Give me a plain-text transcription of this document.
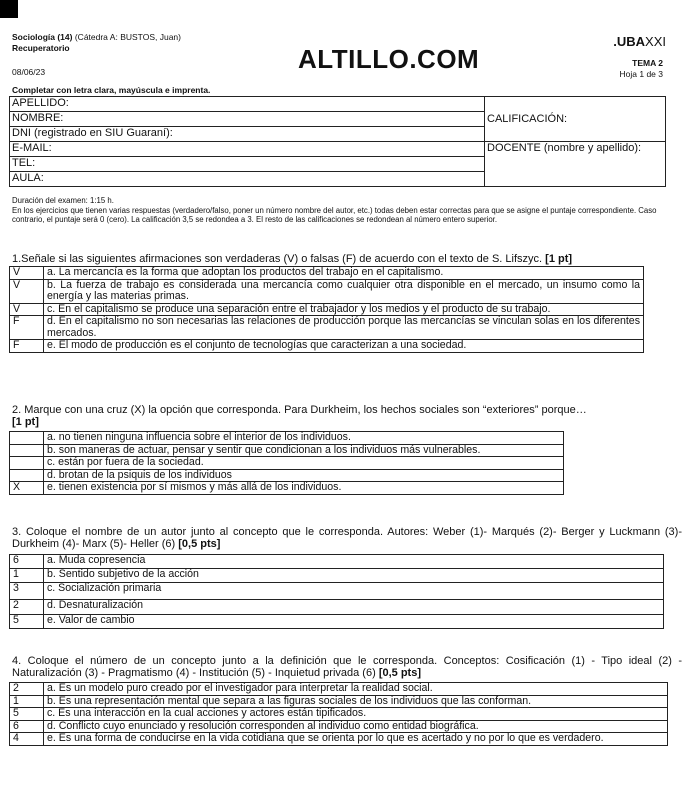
Sociología (14) (Cátedra A: BUSTOS, Juan)
Recuperatorio
08/06/23	ALTILLO.COM
.UBAXXI
TEMA 2
Hoja 1 de 3
Completar con letra clara, mayúscula e imprenta.
APELLIDO:	CALIFICACIÓN:
NOMBRE:	
DNI (registrado en SIU Guaraní):	
E-MAIL:	DOCENTE (nombre y apellido):
TEL:	
AULA:	
Duración del examen: 1:15 h.
En los ejercicios que tienen varias respuestas (verdadero/falso, poner un número nombre del autor, etc.) todas deben estar correctas para que se asigne el puntaje correspondiente. Caso contrario, el puntaje será 0 (cero). La calificación 3,5 se redondea a 3. El resto de las calificaciones se redondean al número entero superior.
1.Señale si las siguientes afirmaciones son verdaderas (V) o falsas (F) de acuerdo con el texto de S. Lifszyc. [1 pt]
V	a. La mercancía es la forma que adoptan los productos del trabajo en el capitalismo.
V	b. La fuerza de trabajo es considerada una mercancía como cualquier otra disponible en el mercado, un insumo como la energía y las materias primas.
V	c. En el capitalismo se produce una separación entre el trabajador y los medios y el producto de su trabajo.
F	d. En el capitalismo no son necesarias las relaciones de producción porque las mercancías se vinculan solas en los diferentes mercados.
F	e. El modo de producción es el conjunto de tecnologías que caracterizan a una sociedad.
2. Marque con una cruz (X) la opción que corresponda. Para Durkheim, los hechos sociales son “exteriores” porque…
[1 pt]
	a. no tienen ninguna influencia sobre el interior de los individuos.
	b. son maneras de actuar, pensar y sentir que condicionan a los individuos más vulnerables.
	c. están por fuera de la sociedad.
	d. brotan de la psiquis de los individuos
X	e. tienen existencia por sí mismos y más allá de los individuos.
3. Coloque el nombre de un autor junto al concepto que le corresponda. Autores: Weber (1)- Marqués (2)- Berger y Luckmann (3)- Durkheim (4)- Marx (5)- Heller (6) [0,5 pts]
6	a. Muda copresencia
1	b. Sentido subjetivo de la acción
3	c. Socialización primaria
2	d. Desnaturalización
5	e. Valor de cambio
4. Coloque el número de un concepto junto a la definición que le corresponda. Conceptos: Cosificación (1) - Tipo ideal (2) - Naturalización (3) - Pragmatismo (4) - Institución (5) - Inquietud privada (6) [0,5 pts]
2	a. Es un modelo puro creado por el investigador para interpretar la realidad social.
1	b. Es una representación mental que separa a las figuras sociales de los individuos que las conforman.
5	c. Es una interacción en la cual acciones y actores están tipificados.
6	d. Conflicto cuyo enunciado y resolución corresponden al individuo como entidad biográfica.
4	e. Es una forma de conducirse en la vida cotidiana que se orienta por lo que es acertado y no por lo que es verdadero.
